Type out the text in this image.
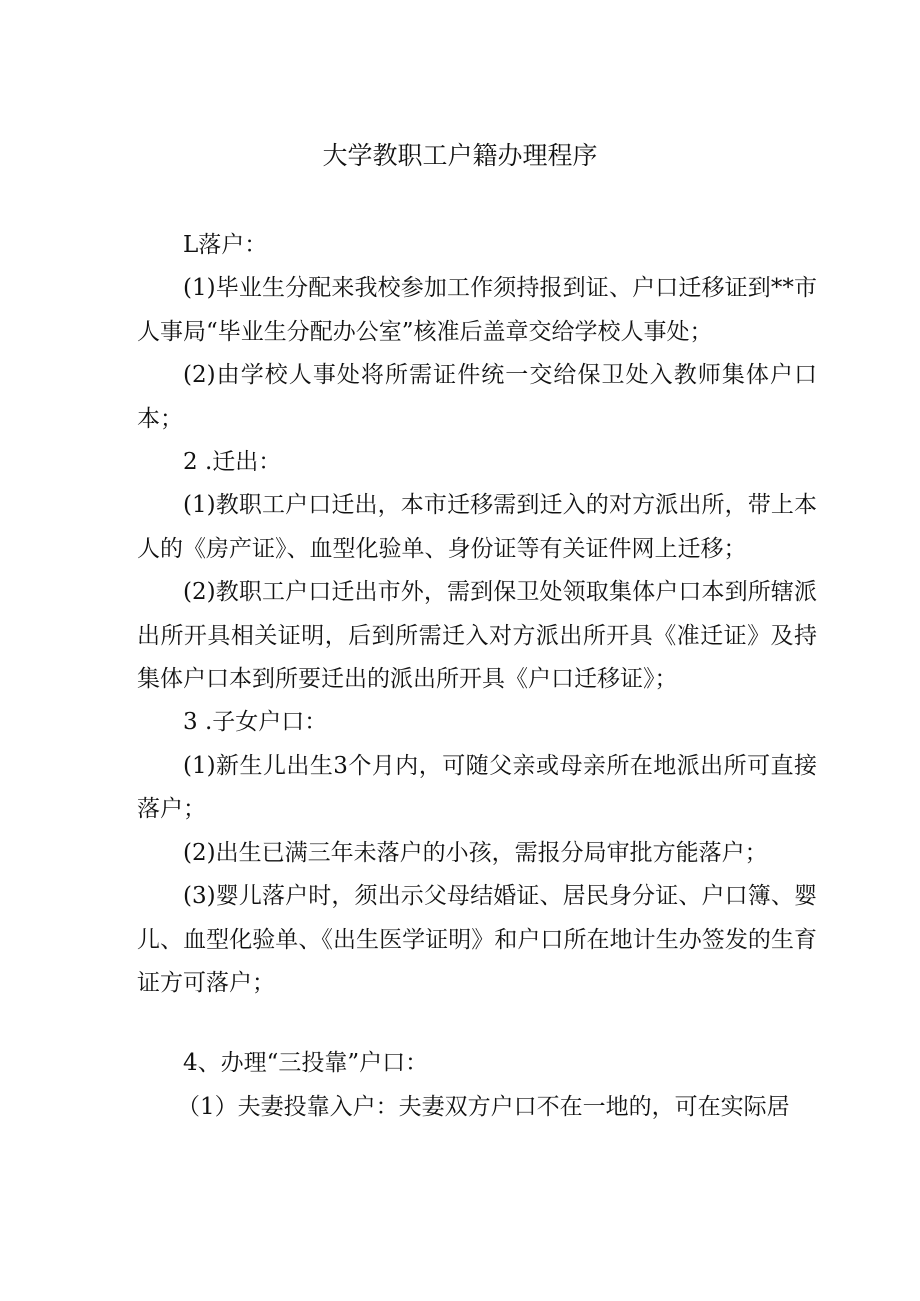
大学教职工户籍办理程序

L落户：

(1)毕业生分配来我校参加工作须持报到证、户口迁移证到**市人事局“毕业生分配办公室”核准后盖章交给学校人事处；

(2)由学校人事处将所需证件统一交给保卫处入教师集体户口本；

2 .迁出：

(1)教职工户口迁出，本市迁移需到迁入的对方派出所，带上本人的《房产证》、血型化验单、身份证等有关证件网上迁移；

(2)教职工户口迁出市外，需到保卫处领取集体户口本到所辖派出所开具相关证明，后到所需迁入对方派出所开具《准迁证》及持集体户口本到所要迁出的派出所开具《户口迁移证》；

3 .子女户口：

(1)新生儿出生3个月内，可随父亲或母亲所在地派出所可直接落户；

(2)出生已满三年未落户的小孩，需报分局审批方能落户；

(3)婴儿落户时，须出示父母结婚证、居民身分证、户口簿、婴儿、血型化验单、《出生医学证明》和户口所在地计生办签发的生育证方可落户；

4、办理“三投靠”户口：

（1）夫妻投靠入户：夫妻双方户口不在一地的，可在实际居
